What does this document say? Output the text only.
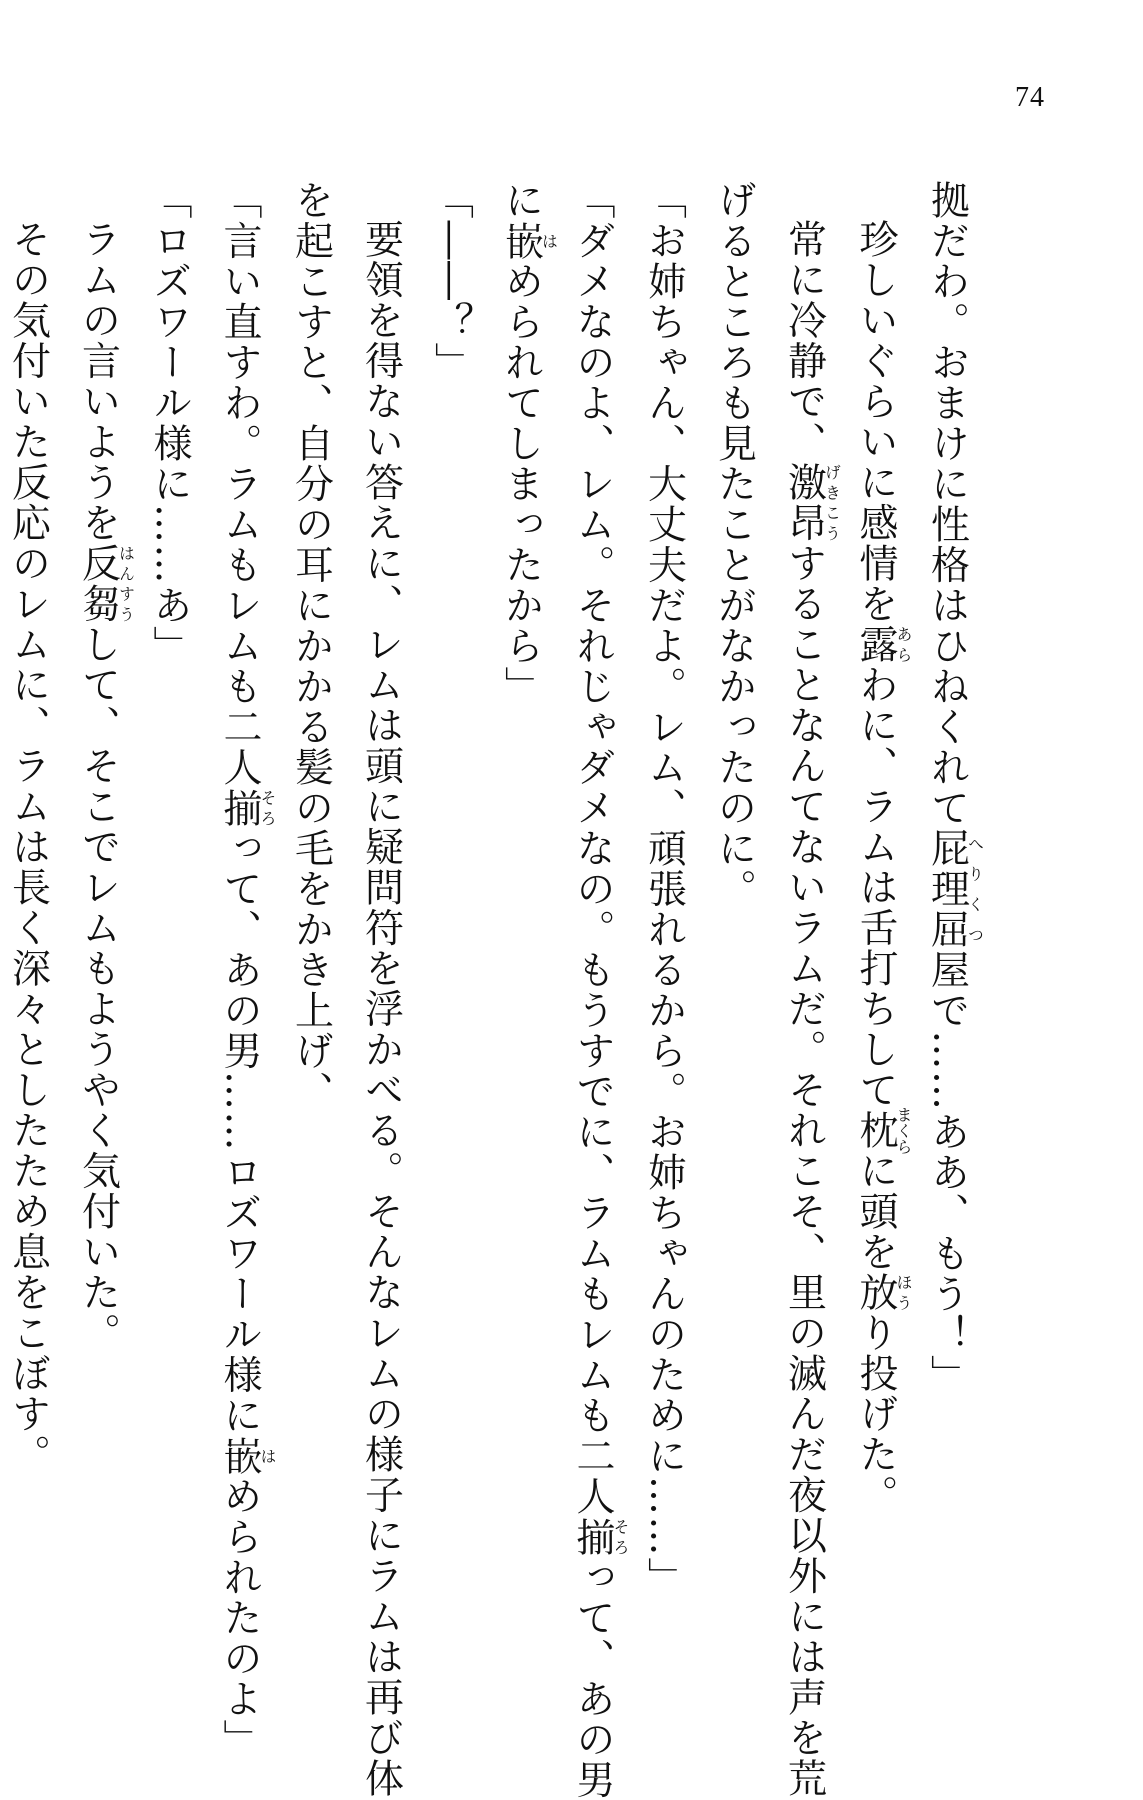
74
拠だわ。おまけに性格はひねくれて屁理屈へりくつ屋で……ああ、もう！」
珍しいぐらいに感情を露あらわに、ラムは舌打ちして枕まくらに頭を放ほうり投げた。
常に冷静で、激昂げきこうすることなんてないラムだ。それこそ、里の滅んだ夜以外には声を荒
げるところも見たことがなかったのに。
「お姉ちゃん、大丈夫だよ。レム、頑張れるから。お姉ちゃんのために……」
「ダメなのよ、レム。それじゃダメなの。もうすでに、ラムもレムも二人揃そろって、あの男
に嵌はめられてしまったから」
「――？」
要領を得ない答えに、レムは頭に疑問符を浮かべる。そんなレムの様子にラムは再び体
を起こすと、自分の耳にかかる髪の毛をかき上げ、
「言い直すわ。ラムもレムも二人揃そろって、あの男……ロズワール様に嵌はめられたのよ」
「ロズワール様に……あ」
ラムの言いようを反芻はんすうして、そこでレムもようやく気付いた。
その気付いた反応のレムに、ラムは長く深々としたため息をこぼす。
